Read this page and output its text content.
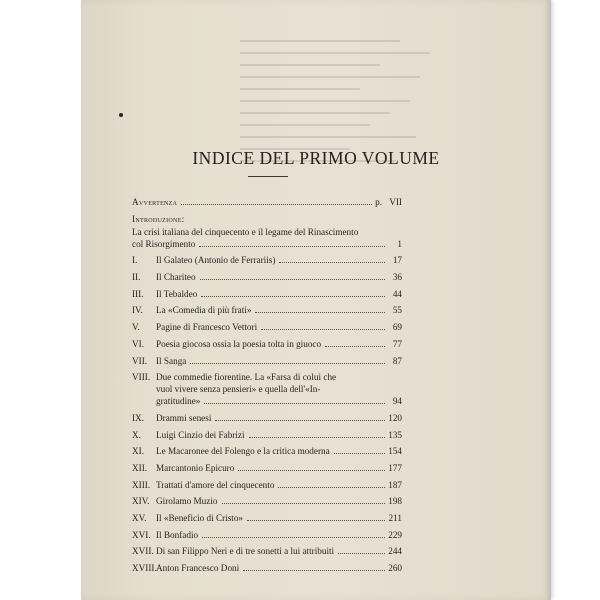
INDICE DEL PRIMO VOLUME
Avvertenza	p. VII
Introduzione:
La crisi italiana del cinquecento e il legame del Rinascimento
col Risorgimento	1
I.	Il Galateo (Antonio de Ferrariis)	17
II.	Il Chariteo	36
III.	Il Tebaldeo	44
IV.	La «Comedia di più frati»	55
V.	Pagine di Francesco Vettori	69
VI.	Poesia giocosa ossia la poesia tolta in giuoco	77
VII. Il Sanga	87
VIII. Due commedie fiorentine. La «Farsa di colui che
vuol vivere senza pensieri» e quella dell'«In-
gratitudine»	94
IX.	Drammi senesi	120
X.	Luigi Cinzio dei Fabrizi	135
XI.	Le Macaronee del Folengo e la critica moderna	154
XII. Marcantonio Epicuro	177
XIII. Trattati d'amore del cinquecento	187
XIV. Girolamo Muzio	198
XV.	Il «Beneficio di Cristo»	211
XVI. Il Bonfadio	229
XVII. Di san Filippo Neri e di tre sonetti a lui attribuiti	244
XVIII. Anton Francesco Doni	260
